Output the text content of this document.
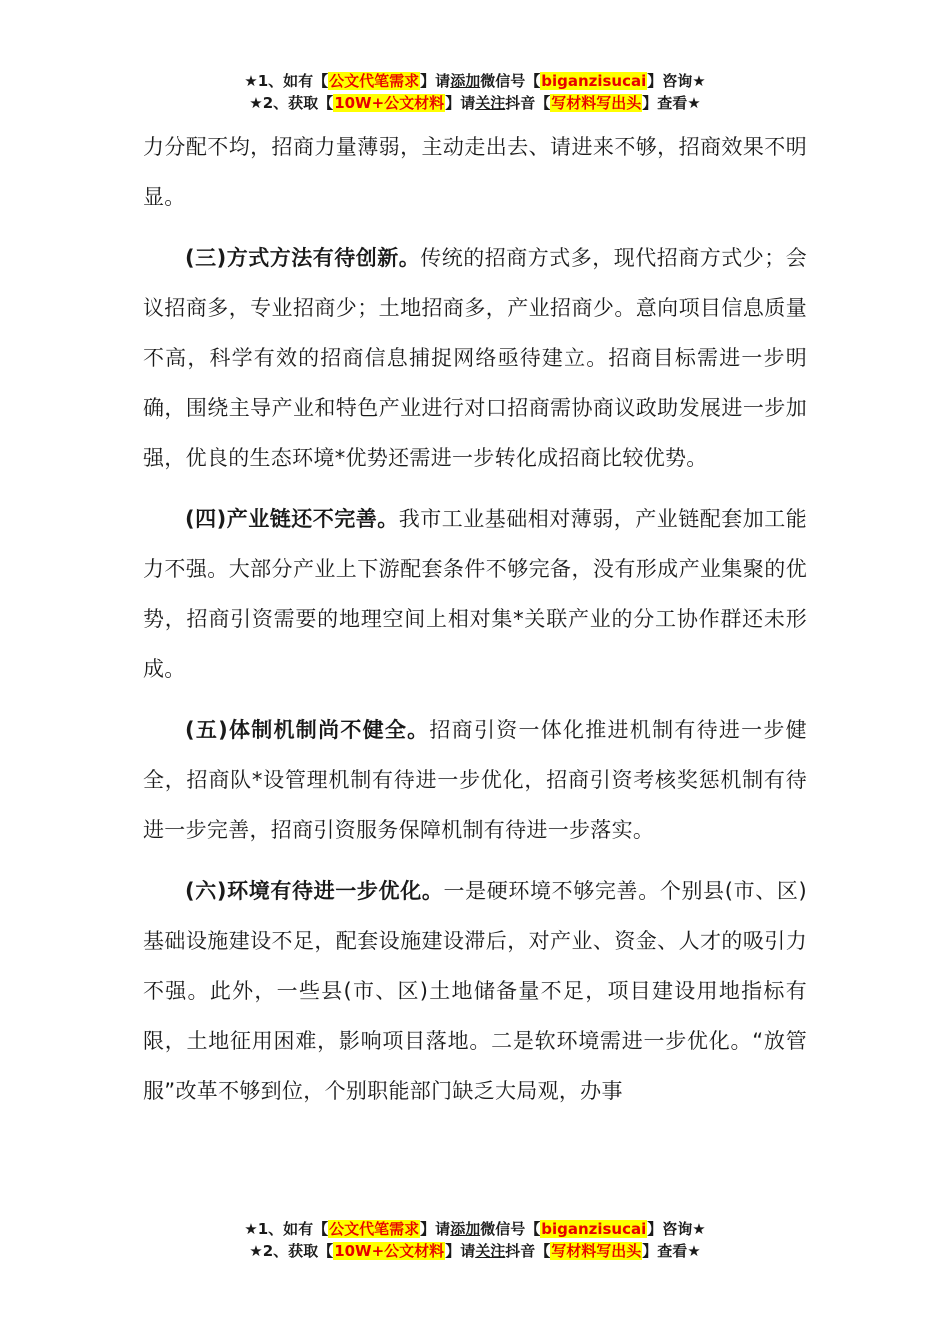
★1、如有【公文代笔需求】请添加微信号【biganzisucai】咨询★
★2、获取【10W+公文材料】请关注抖音【写材料写出头】查看★

力分配不均，招商力量薄弱，主动走出去、请进来不够，招商效果不明显。

(三)方式方法有待创新。传统的招商方式多，现代招商方式少；会议招商多，专业招商少；土地招商多，产业招商少。意向项目信息质量不高，科学有效的招商信息捕捉网络亟待建立。招商目标需进一步明确，围绕主导产业和特色产业进行对口招商需协商议政助发展进一步加强，优良的生态环境*优势还需进一步转化成招商比较优势。

(四)产业链还不完善。我市工业基础相对薄弱，产业链配套加工能力不强。大部分产业上下游配套条件不够完备，没有形成产业集聚的优势，招商引资需要的地理空间上相对集*关联产业的分工协作群还未形成。

(五)体制机制尚不健全。招商引资一体化推进机制有待进一步健全，招商队*设管理机制有待进一步优化，招商引资考核奖惩机制有待进一步完善，招商引资服务保障机制有待进一步落实。

(六)环境有待进一步优化。一是硬环境不够完善。个别县(市、区)基础设施建设不足，配套设施建设滞后，对产业、资金、人才的吸引力不强。此外，一些县(市、区)土地储备量不足，项目建设用地指标有限，土地征用困难，影响项目落地。二是软环境需进一步优化。“放管服”改革不够到位，个别职能部门缺乏大局观，办事

★1、如有【公文代笔需求】请添加微信号【biganzisucai】咨询★
★2、获取【10W+公文材料】请关注抖音【写材料写出头】查看★
